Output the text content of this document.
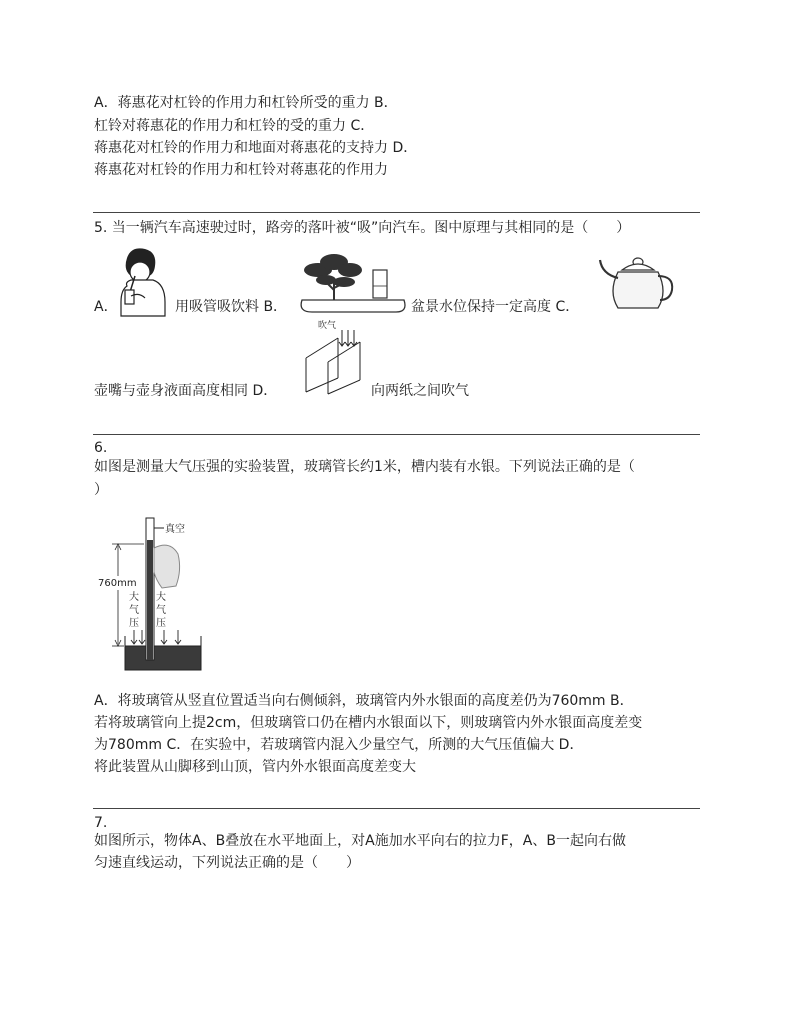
A．蒋惠花对杠铃的作用力和杠铃所受的重力 B．
杠铃对蒋惠花的作用力和杠铃的受的重力 C．
蒋惠花对杠铃的作用力和地面对蒋惠花的支持力 D．
蒋惠花对杠铃的作用力和杠铃对蒋惠花的作用力
5. 当一辆汽车高速驶过时，路旁的落叶被“吸”向汽车。图中原理与其相同的是（　　）
A．	用吸管吸饮料 B．	盆景水位保持一定高度 C．
吹气
壶嘴与壶身液面高度相同 D．	向两纸之间吹气
6.
如图是测量大气压强的实验装置，玻璃管长约1米，槽内装有水银。下列说法正确的是（
）
真空
760mm
大
气
压
大
气
压
A．将玻璃管从竖直位置适当向右侧倾斜，玻璃管内外水银面的高度差仍为760mm B．
若将玻璃管向上提2cm，但玻璃管口仍在槽内水银面以下，则玻璃管内外水银面高度差变
为780mm C．在实验中，若玻璃管内混入少量空气，所测的大气压值偏大 D．
将此装置从山脚移到山顶，管内外水银面高度差变大
7.
如图所示，物体A、B叠放在水平地面上，对A施加水平向右的拉力F，A、B一起向右做
匀速直线运动，下列说法正确的是（　　）
